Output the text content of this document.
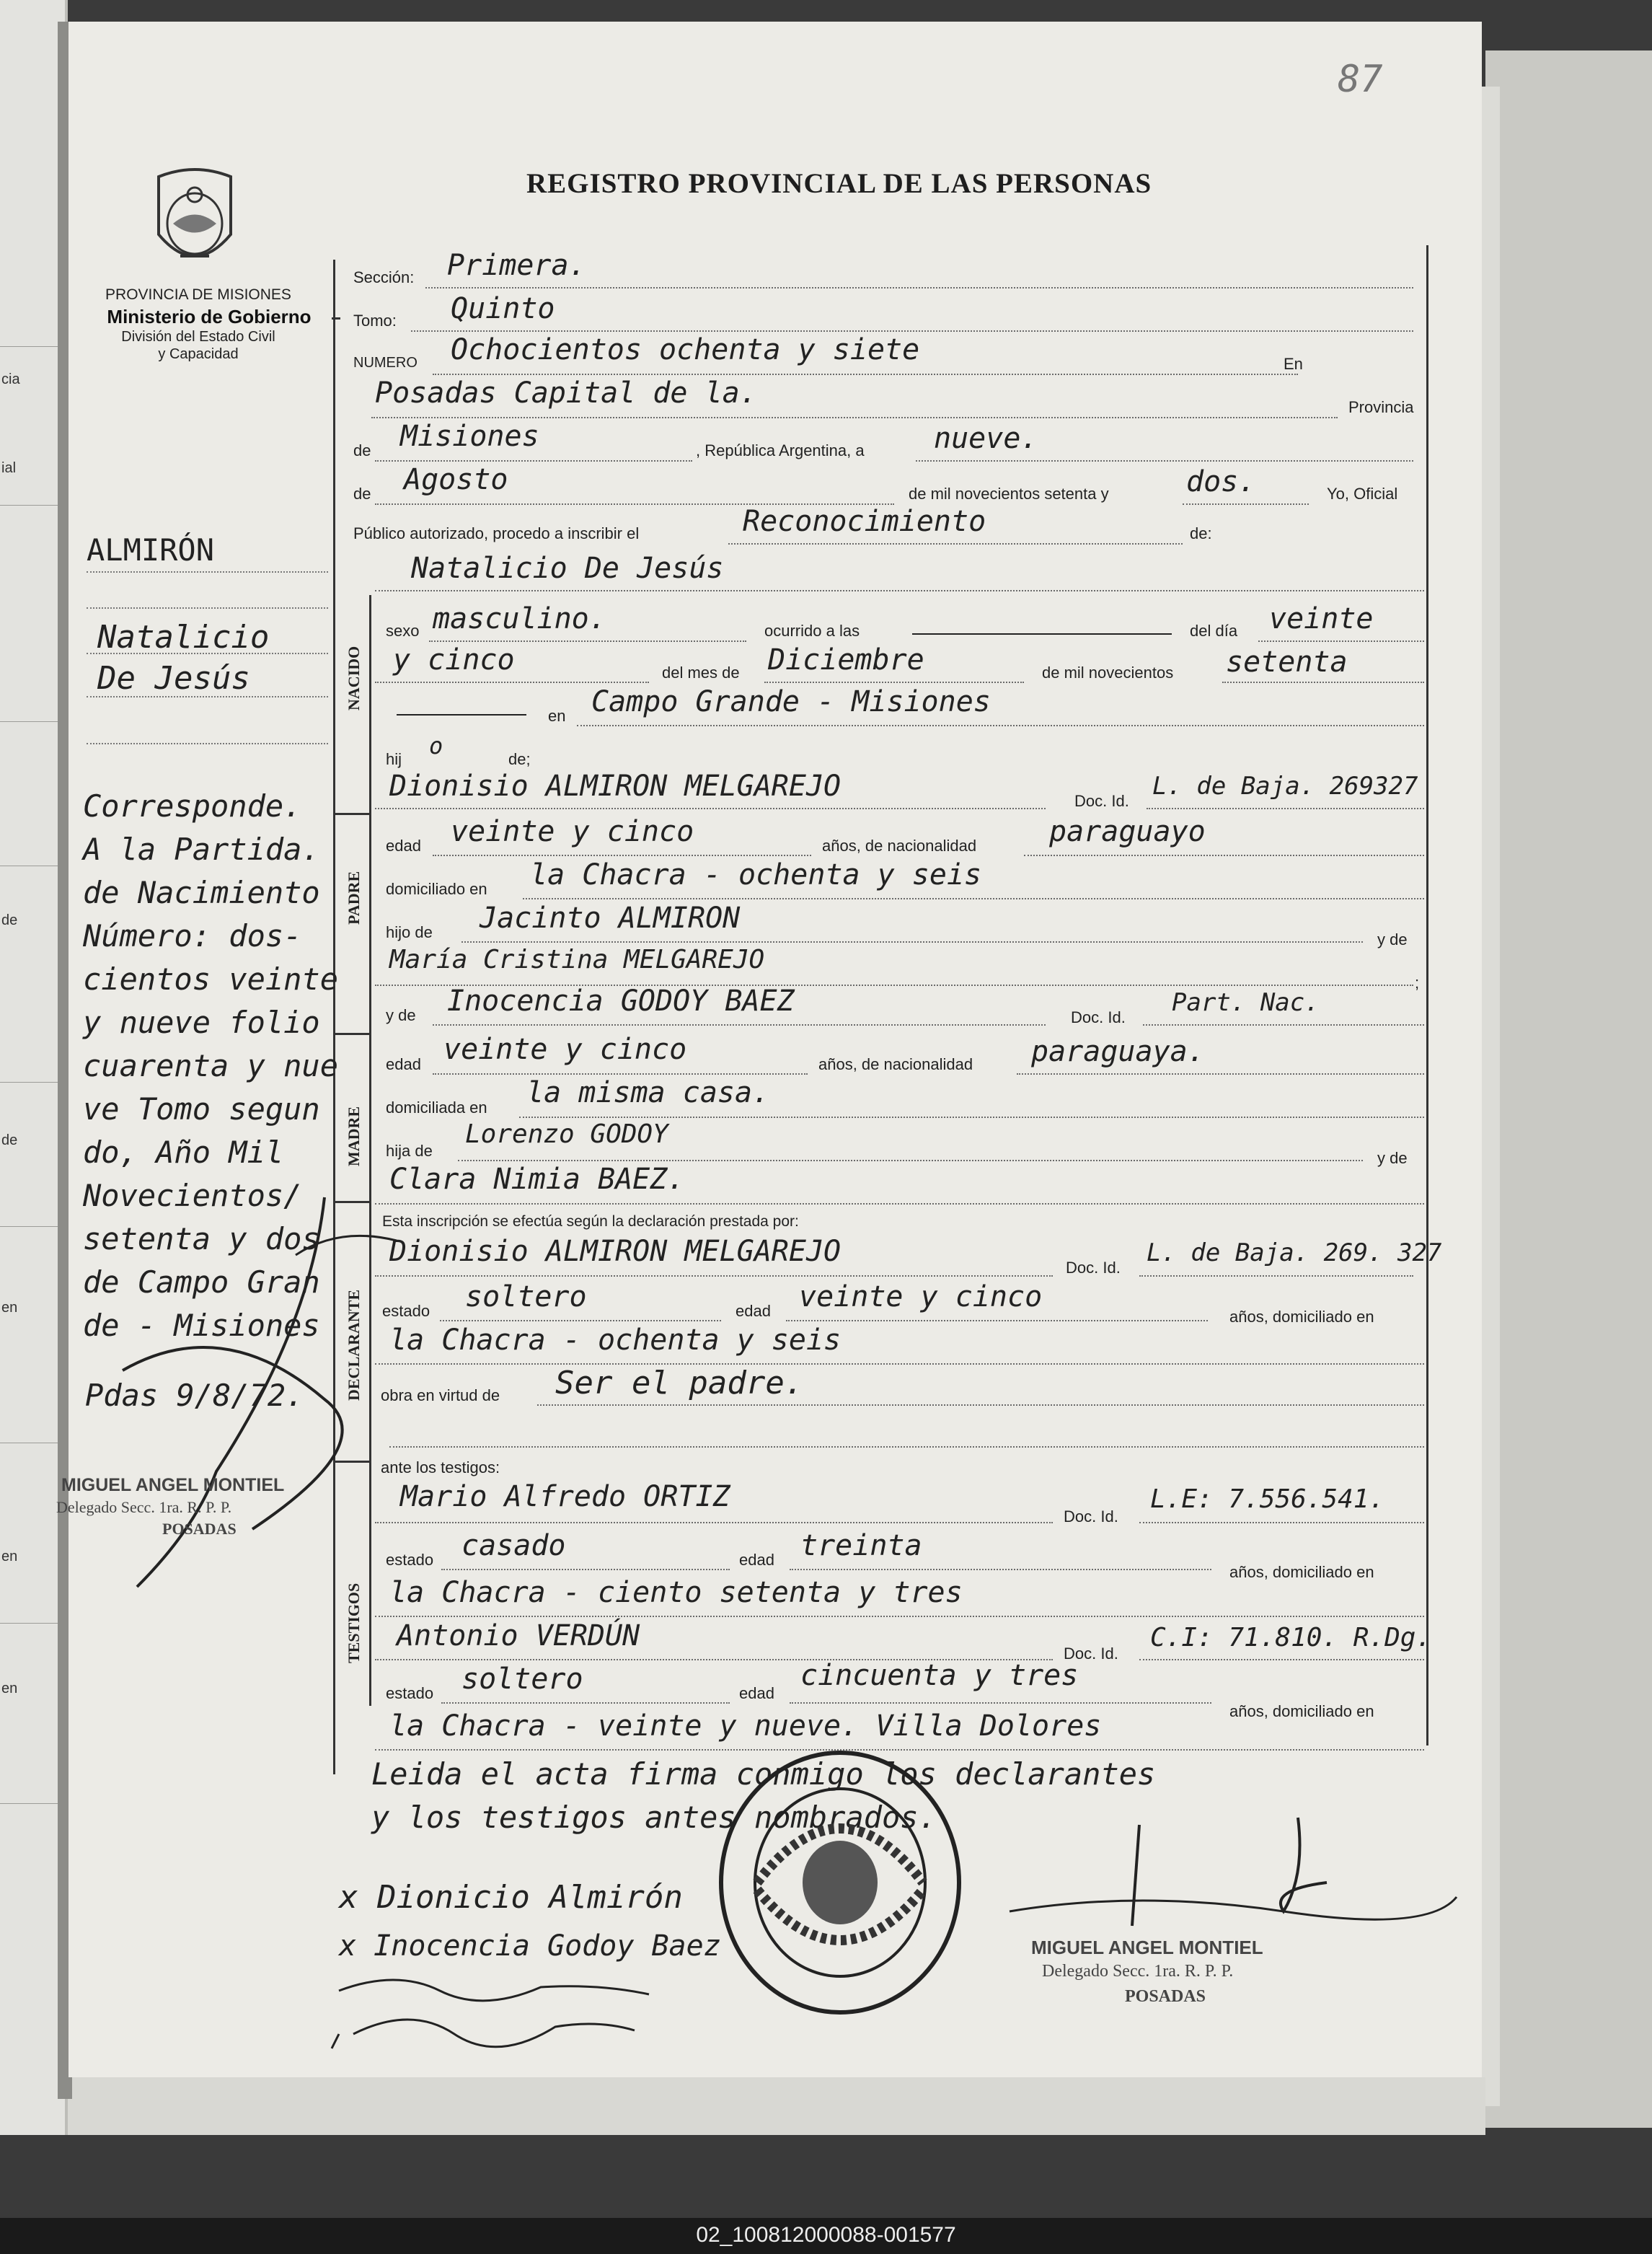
cia
ial
de
de
en
en
en
87
PROVINCIA DE MISIONES
Ministerio de Gobierno
División del Estado Civil
y Capacidad
REGISTRO PROVINCIAL DE LAS PERSONAS
NACIDO
PADRE
MADRE
DECLARANTE
TESTIGOS
Sección: Primera.
Tomo: Quinto
NUMERO Ochocientos ochenta y siete	En
Posadas Capital de la.	Provincia
de Misiones	, República Argentina, a nueve.
de Agosto	de mil novecientos setenta y	dos.	Yo, Oficial
Público autorizado, procedo a inscribir el	Reconocimiento	de:
Natalicio De Jesús
sexo masculino.	ocurrido a las	del día veinte
y cinco	del mes de Diciembre	de mil novecientos setenta
en Campo Grande - Misiones
hij o	de;
Dionisio ALMIRON MELGAREJO	Doc. Id.
L. de Baja. 269327
edad veinte y cinco	años, de nacionalidad	paraguayo
domiciliado en la Chacra - ochenta y seis
hijo de Jacinto ALMIRON
y de
María Cristina MELGAREJO
;
y de Inocencia GODOY BAEZ	Doc. Id.
Part. Nac.
edad veinte y cinco	años, de nacionalidad paraguaya.
domiciliada en la misma casa.
hija de
Lorenzo GODOY
y de
Clara Nimia BAEZ.
Esta inscripción se efectúa según la declaración prestada por:
Dionisio ALMIRON MELGAREJO	Doc. Id.
L. de Baja. 269. 327
estado soltero	edad veinte y cinco
años, domiciliado en
la Chacra - ochenta y seis
obra en virtud de Ser el padre.
ante los testigos:
Mario Alfredo ORTIZ
Doc. Id.
L.E: 7.556.541.
estado casado	edad treinta
años, domiciliado en
la Chacra - ciento setenta y tres
Antonio VERDÚN
Doc. Id.
C.I: 71.810. R.Dg.
estado soltero	edad
cincuenta y tres
años, domiciliado en
la Chacra - veinte y nueve. Villa Dolores
Leida el acta firma conmigo los declarantes
y los testigos antes nombrados.
x Dionicio Almirón
x Inocencia Godoy Baez	MIGUEL ANGEL MONTIEL
Delegado Secc. 1ra. R. P. P.
POSADAS
ALMIRÓN
Natalicio
De Jesús
Corresponde.
A la Partida.
de Nacimiento
Número: dos-
cientos veinte
y nueve folio
cuarenta y nue
ve Tomo segun
do, Año Mil
Novecientos/
setenta y dos
de Campo Gran
de - Misiones
Pdas 9/8/72.
MIGUEL ANGEL MONTIEL
Delegado Secc. 1ra. R. P. P.
POSADAS
02_100812000088-001577
